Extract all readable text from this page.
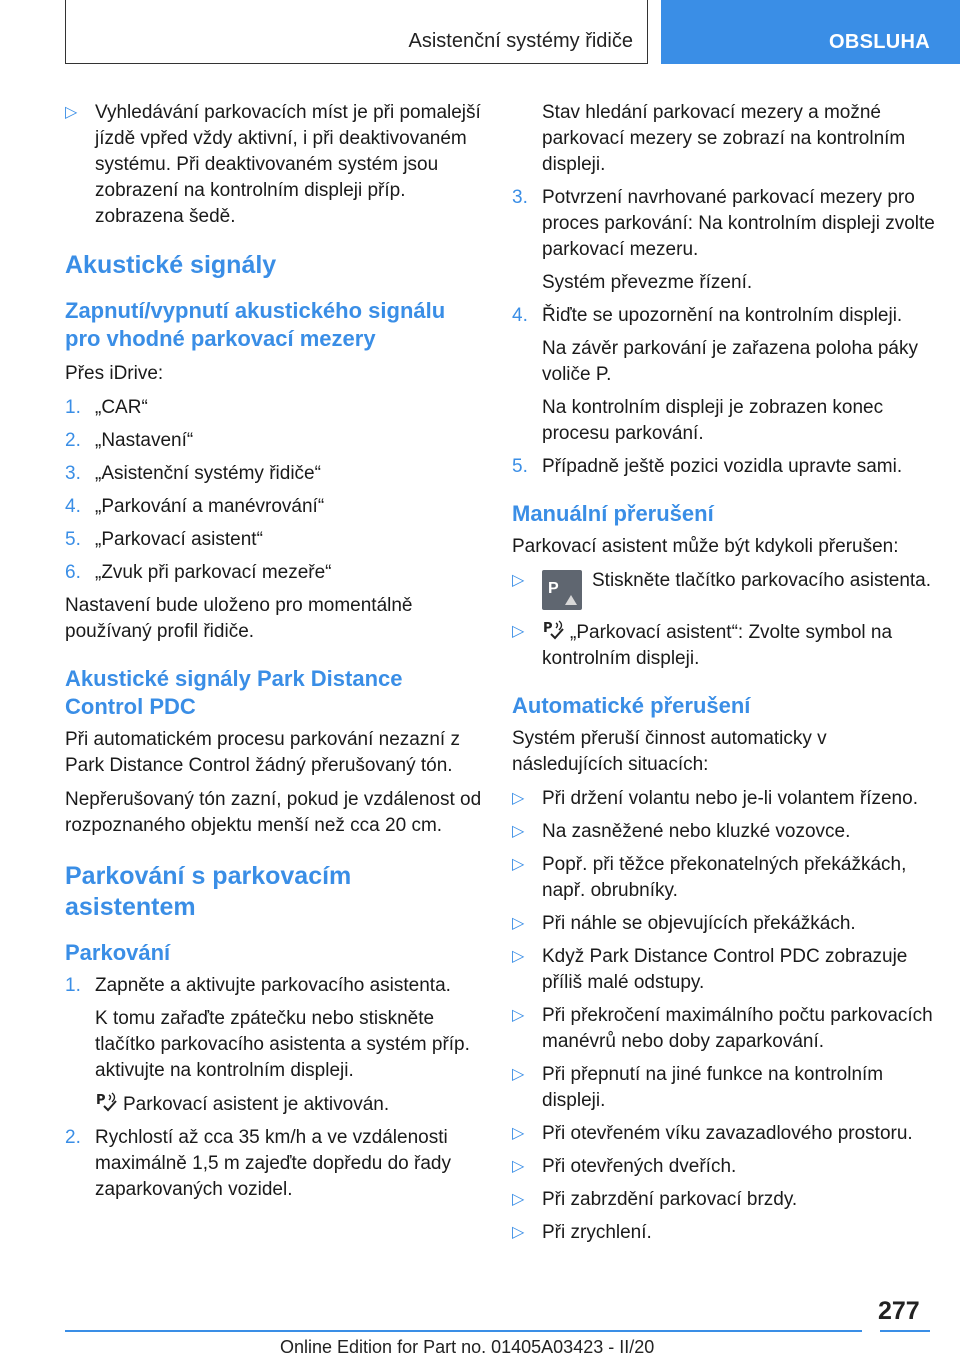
Asistenční systémy řidiče	OBSLUHA
▷ Vyhledávání parkovacích míst je při pomalejší jízdě vpřed vždy aktivní, i při deaktivovaném systému. Při deaktivovaném systém jsou zobrazení na kontrolním displeji příp. zobrazena šedě.

Akustické signály
Zapnutí/vypnutí akustického signálu pro vhodné parkovací mezery

Přes iDrive:

1. „CAR“

2. „Nastavení“

3. „Asistenční systémy řidiče“

4. „Parkování a manévrování“

5. „Parkovací asistent“

6. „Zvuk při parkovací mezeře“

Nastavení bude uloženo pro momentálně používaný profil řidiče.

Akustické signály Park Distance Control PDC

Při automatickém procesu parkování nezazní z Park Distance Control žádný přerušovaný tón.

Nepřerušovaný tón zazní, pokud je vzdálenost od rozpoznaného objektu menší než cca 20 cm.

Parkování s parkovacím asistentem
Parkování
1. Zapněte a aktivujte parkovacího asistenta.

K tomu zařaďte zpátečku nebo stiskněte tlačítko parkovacího asistenta a systém příp. aktivujte na kontrolním displeji.

P Parkovací asistent je aktivován.

2. Rychlostí až cca 35 km/h a ve vzdálenosti maximálně 1,5 m zajeďte dopředu do řady zaparkovaných vozidel.

Stav hledání parkovací mezery a možné parkovací mezery se zobrazí na kontrolním displeji.

3. Potvrzení navrhované parkovací mezery pro proces parkování: Na kontrolním displeji zvolte parkovací mezeru.

Systém převezme řízení.

4. Řiďte se upozornění na kontrolním displeji.

Na závěr parkování je zařazena poloha páky voliče P.

Na kontrolním displeji je zobrazen konec procesu parkování.

5. Případně ještě pozici vozidla upravte sami.

Manuální přerušení

Parkovací asistent může být kdykoli přerušen:

▷ P	Stiskněte tlačítko parkovacího asistenta.

▷ P „Parkovací asistent“: Zvolte symbol na kontrolním displeji.

Automatické přerušení

Systém přeruší činnost automaticky v následujících situacích:

▷ Při držení volantu nebo je-li volantem řízeno.

▷ Na zasněžené nebo kluzké vozovce.

▷ Popř. při těžce překonatelných překážkách, např. obrubníky.

▷ Při náhle se objevujících překážkách.

▷ Když Park Distance Control PDC zobrazuje příliš malé odstupy.

▷ Při překročení maximálního počtu parkovacích manévrů nebo doby zaparkování.

▷ Při přepnutí na jiné funkce na kontrolním displeji.

▷ Při otevřeném víku zavazadlového prostoru.

▷ Při otevřených dveřích.

▷ Při zabrzdění parkovací brzdy.

▷ Při zrychlení.

277
Online Edition for Part no. 01405A03423 - II/20
